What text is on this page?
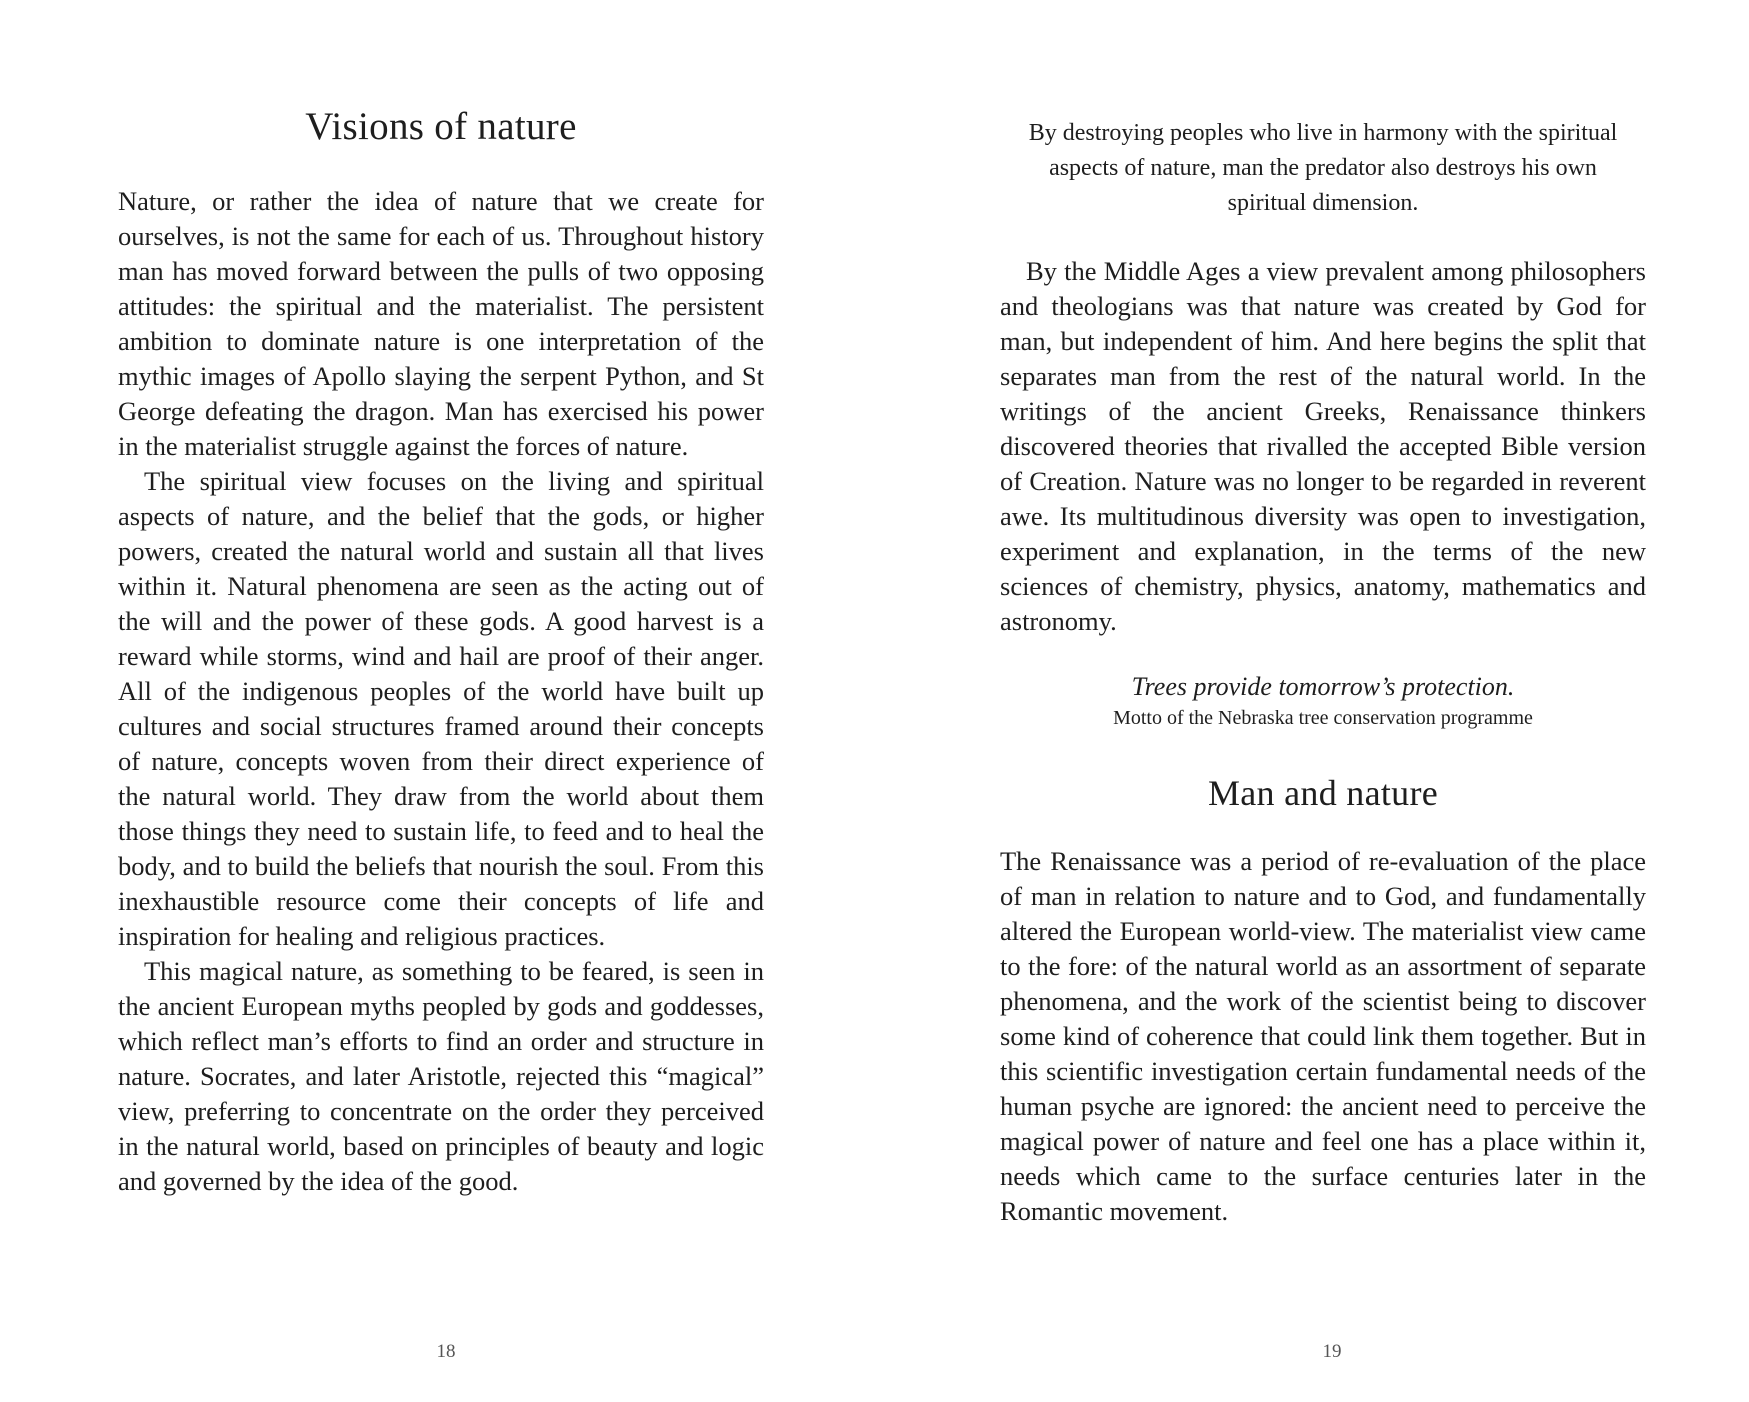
Visions of nature

Nature, or rather the idea of nature that we create for ourselves, is not the same for each of us. Throughout history man has moved forward between the pulls of two opposing attitudes: the spiritual and the materialist. The persistent ambition to dominate nature is one interpretation of the mythic images of Apollo slaying the serpent Python, and St George defeating the dragon. Man has exercised his power in the materialist struggle against the forces of nature.

The spiritual view focuses on the living and spiritual aspects of nature, and the belief that the gods, or higher powers, created the natural world and sustain all that lives within it. Natural phenomena are seen as the acting out of the will and the power of these gods. A good harvest is a reward while storms, wind and hail are proof of their anger. All of the indigenous peoples of the world have built up cultures and social structures framed around their concepts of nature, concepts woven from their direct experience of the natural world. They draw from the world about them those things they need to sustain life, to feed and to heal the body, and to build the beliefs that nourish the soul. From this inexhaustible resource come their concepts of life and inspiration for healing and religious practices.

This magical nature, as something to be feared, is seen in the ancient European myths peopled by gods and goddesses, which reflect man’s efforts to find an order and structure in nature. Socrates, and later Aristotle, rejected this “magical” view, preferring to concentrate on the order they perceived in the natural world, based on principles of beauty and logic and governed by the idea of the good.

18
By destroying peoples who live in harmony with the spiritual aspects of nature, man the predator also destroys his own spiritual dimension.

By the Middle Ages a view prevalent among philosophers and theologians was that nature was created by God for man, but independent of him. And here begins the split that separates man from the rest of the natural world. In the writings of the ancient Greeks, Renaissance thinkers discovered theories that rivalled the accepted Bible version of Creation. Nature was no longer to be regarded in reverent awe. Its multitudinous diversity was open to investigation, experiment and explanation, in the terms of the new sciences of chemistry, physics, anatomy, mathematics and astronomy.

Trees provide tomorrow’s protection.
Motto of the Nebraska tree conservation programme
Man and nature

The Renaissance was a period of re-evaluation of the place of man in relation to nature and to God, and fundamentally altered the European world-view. The materialist view came to the fore: of the natural world as an assortment of separate phenomena, and the work of the scientist being to discover some kind of coherence that could link them together. But in this scientific investigation certain fundamental needs of the human psyche are ignored: the ancient need to perceive the magical power of nature and feel one has a place within it, needs which came to the surface centuries later in the Romantic movement.

19
